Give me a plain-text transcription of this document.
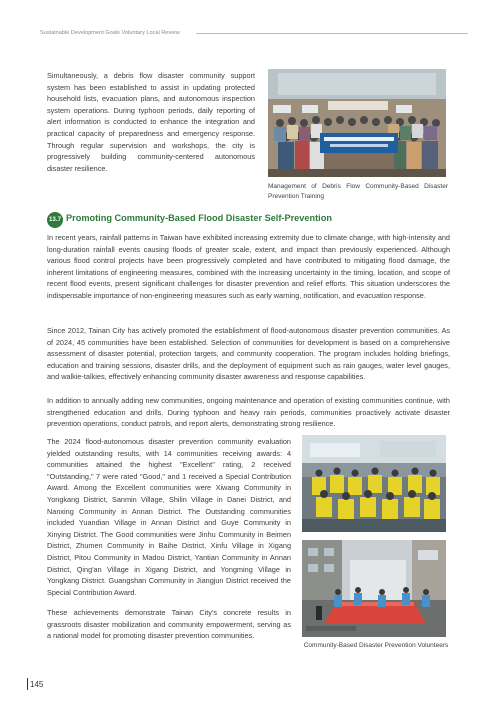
Sustainable Development Goals Voluntary Local Review

Simultaneously, a debris flow disaster community support system has been established to assist in updating protected household lists, evacuation plans, and autonomous inspection system operations. During typhoon periods, daily reporting of alert information is conducted to enhance the integration and practical capacity of preparedness and emergency response. Through regular supervision and workshops, the city is progressively building community-centered autonomous disaster resilience.

Management of Debris Flow Community-Based Disaster Prevention Training
13.7 Promoting Community-Based Flood Disaster Self-Prevention

In recent years, rainfall patterns in Taiwan have exhibited increasing extremity due to climate change, with high-intensity and long-duration rainfall events causing floods of greater scale, extent, and impact than previously experienced. Although various flood control projects have been progressively completed and have contributed to mitigating flood damage, the inherent limitations of engineering measures, combined with the increasing uncertainty in the timing, location, and scope of recent flood events, present significant challenges for disaster prevention and relief efforts. This situation underscores the indispensable importance of non-engineering measures such as early warning, notification, and evacuation response.

Since 2012, Tainan City has actively promoted the establishment of flood-autonomous disaster prevention communities. As of 2024, 45 communities have been established. Selection of communities for development is based on a comprehensive assessment of disaster potential, protection targets, and community cooperation. The program includes holding briefings, education and training sessions, disaster drills, and the deployment of equipment such as rain gauges, water level gauges, and walkie-talkies, effectively enhancing community disaster awareness and response capabilities.

In addition to annually adding new communities, ongoing maintenance and operation of existing communities continue, with strengthened education and drills. During typhoon and heavy rain periods, communities proactively activate disaster prevention operations, conduct patrols, and report alerts, demonstrating strong resilience.

The 2024 flood-autonomous disaster prevention community evaluation yielded outstanding results, with 14 communities receiving awards: 4 communities attained the highest "Excellent" rating, 2 received "Outstanding," 7 were rated "Good," and 1 received a Special Contribution Award. Among the Excellent communities were Xiwang Community in Yongkang District, Sanmin Village, Shilin Village in Danei District, and Nanxing Community in Annan District. The Outstanding communities included Yuandian Village in Annan District and Guye Community in Xinying District. The Good communities were Jinhu Community in Beimen District, Zhumen Community in Baihe District, Xinfu Village in Xigang District, Pitou Community in Madou District, Yantian Community in Annan District, Qing'an Village in Xigang District, and Yongming Village in Yongkang District. Guangshan Community in Jiangjun District received the Special Contribution Award.

These achievements demonstrate Tainan City's concrete results in grassroots disaster mobilization and community empowerment, serving as a national model for promoting disaster prevention communities.

Community-Based Disaster Prevention Volunteers
145
